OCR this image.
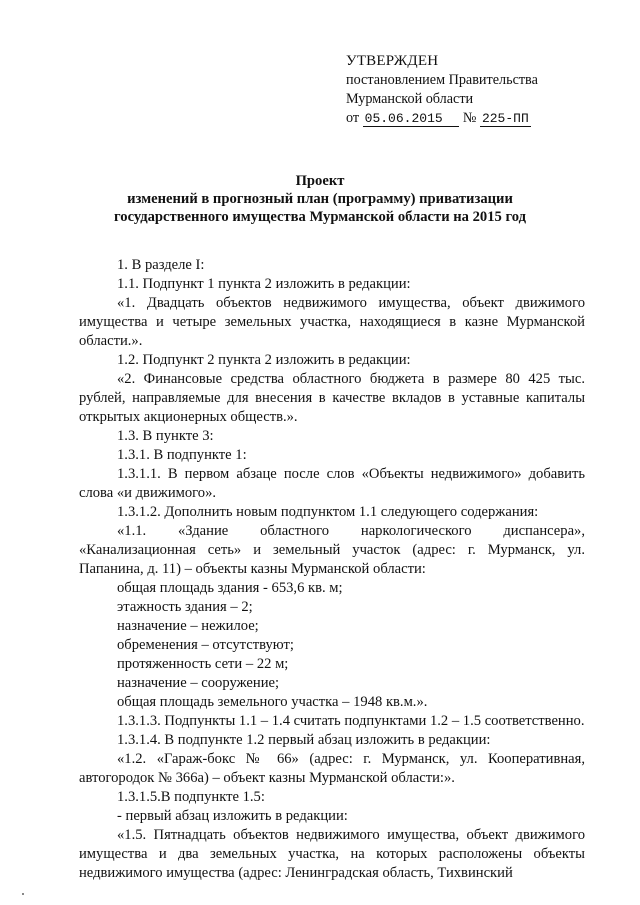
УТВЕРЖДЕН
постановлением Правительства
Мурманской области
от 05.06.2015 № 225-ПП
Проект
изменений в прогнозный план (программу) приватизации
государственного имущества Мурманской области на 2015 год

1. В разделе I:

1.1. Подпункт 1 пункта 2 изложить в редакции:

«1. Двадцать объектов недвижимого имущества, объект движимого имущества и четыре земельных участка, находящиеся в казне Мурманской области.».

1.2. Подпункт 2 пункта 2 изложить в редакции:

«2. Финансовые средства областного бюджета в размере 80 425 тыс. рублей, направляемые для внесения в качестве вкладов в уставные капиталы открытых акционерных обществ.».

1.3. В пункте 3:

1.3.1. В подпункте 1:

1.3.1.1. В первом абзаце после слов «Объекты недвижимого» добавить слова «и движимого».

1.3.1.2. Дополнить новым подпунктом 1.1 следующего содержания:

«1.1. «Здание областного наркологического диспансера», «Канализационная сеть» и земельный участок (адрес: г. Мурманск, ул. Папанина, д. 11) – объекты казны Мурманской области:

общая площадь здания - 653,6 кв. м;

этажность здания – 2;

назначение – нежилое;

обременения – отсутствуют;

протяженность сети – 22 м;

назначение – сооружение;

общая площадь земельного участка – 1948 кв.м.».

1.3.1.3. Подпункты 1.1 – 1.4 считать подпунктами 1.2 – 1.5 соответственно.

1.3.1.4. В подпункте 1.2 первый абзац изложить в редакции:

«1.2. «Гараж-бокс № 66» (адрес: г. Мурманск, ул. Кооперативная, автогородок № 366а) – объект казны Мурманской области:».

1.3.1.5.В подпункте 1.5:

- первый абзац изложить в редакции:

«1.5. Пятнадцать объектов недвижимого имущества, объект движимого имущества и два земельных участка, на которых расположены объекты недвижимого имущества (адрес: Ленинградская область, Тихвинский
